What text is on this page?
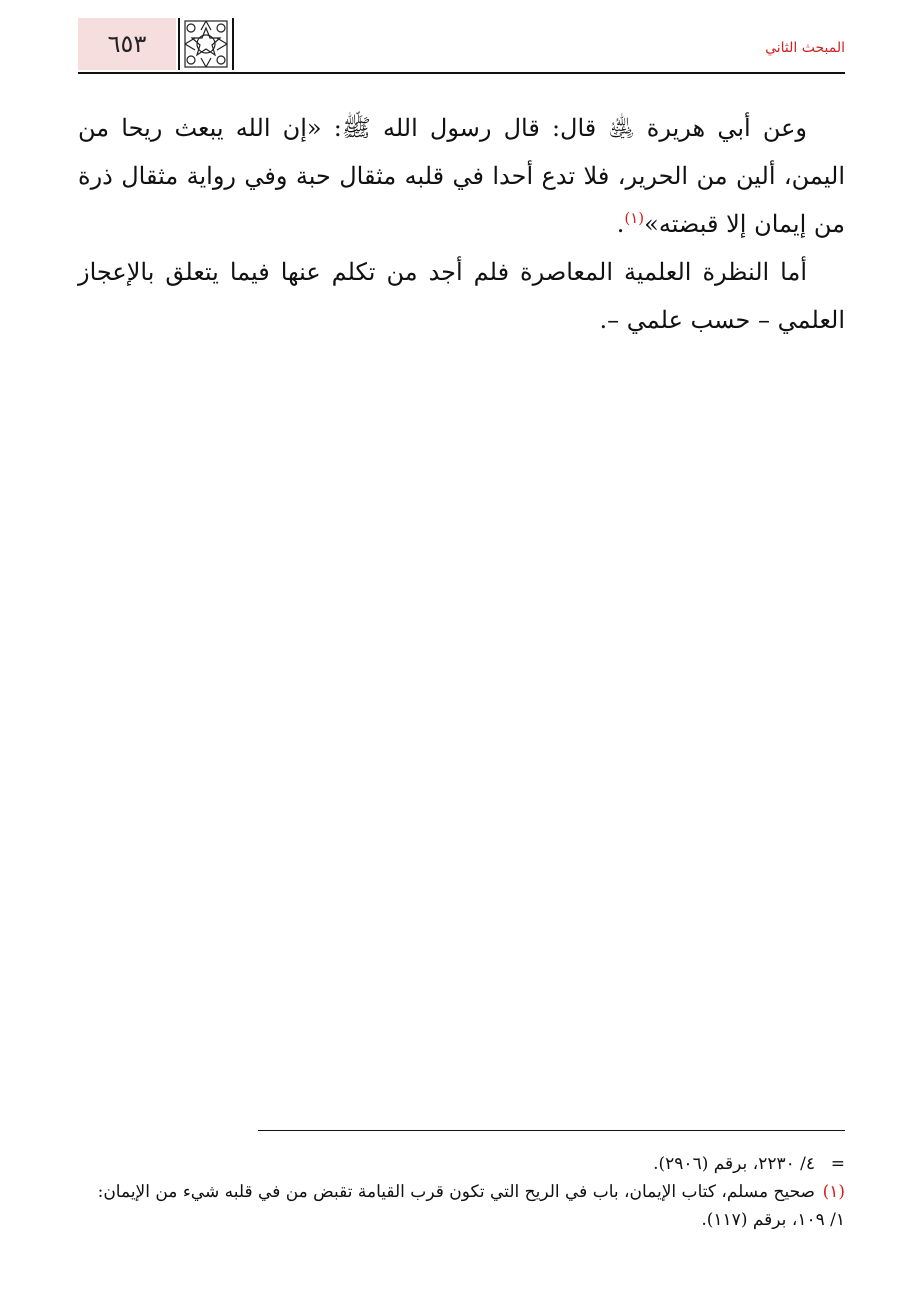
٦٥٣	المبحث الثاني

وعن أبي هريرة ﵁ قال: قال رسول الله ﷺ: «إن الله يبعث ريحا من اليمن، ألين من الحرير، فلا تدع أحدا في قلبه مثقال حبة وفي رواية مثقال ذرة من إيمان إلا قبضته»$^{(١)}$.

أما النظرة العلمية المعاصرة فلم أجد من تكلم عنها فيما يتعلق بالإعجاز العلمي – حسب علمي –.

=٤/ ٢٢٣٠، برقم (٢٩٠٦).

(١)صحيح مسلم، كتاب الإيمان، باب في الريح التي تكون قرب القيامة تقبض من في قلبه شيء من الإيمان: ١/ ١٠٩، برقم (١١٧).
